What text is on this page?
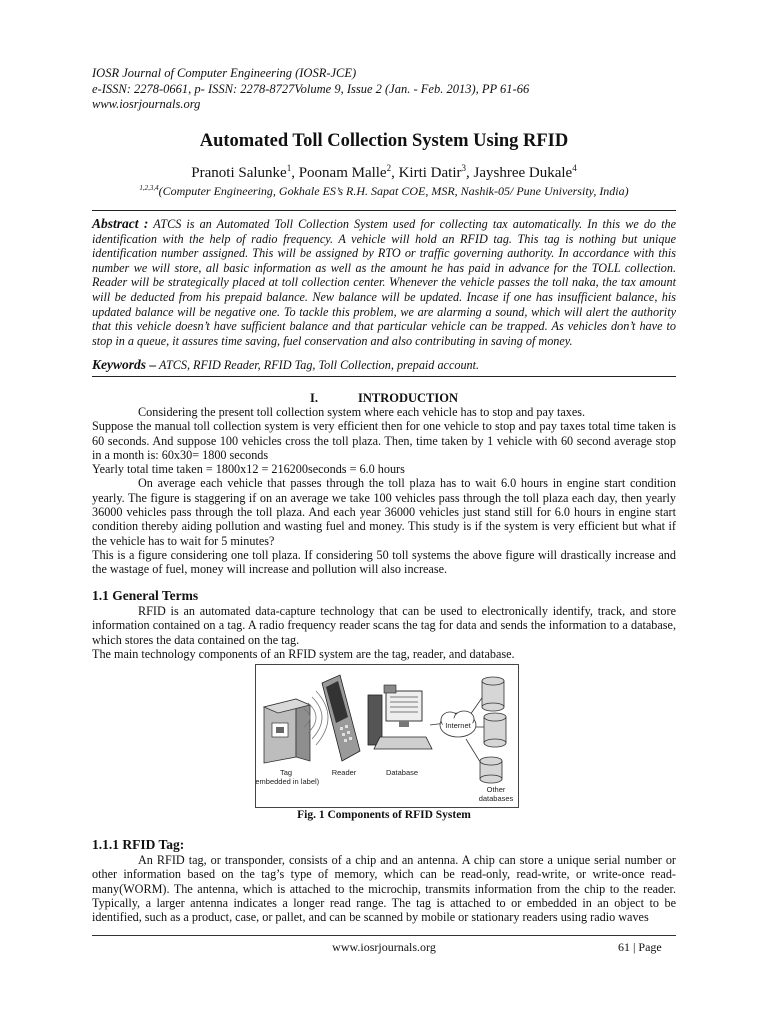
IOSR Journal of Computer Engineering (IOSR-JCE)
e-ISSN: 2278-0661, p- ISSN: 2278-8727Volume 9, Issue 2 (Jan. - Feb. 2013), PP 61-66
www.iosrjournals.org
Automated Toll Collection System Using RFID
Pranoti Salunke$^1$, Poonam Malle$^2$, Kirti Datir$^3$, Jayshree Dukale$^4$
$^{1,2,3,4}$(Computer Engineering, Gokhale ES’s R.H. Sapat COE, MSR, Nashik-05/ Pune University, India)
Abstract : ATCS is an Automated Toll Collection System used for collecting tax automatically. In this we do the identification with the help of radio frequency. A vehicle will hold an RFID tag. This tag is nothing but unique identification number assigned. This will be assigned by RTO or traffic governing authority. In accordance with this number we will store, all basic information as well as the amount he has paid in advance for the TOLL collection. Reader will be strategically placed at toll collection center. Whenever the vehicle passes the toll naka, the tax amount will be deducted from his prepaid balance. New balance will be updated. Incase if one has insufficient balance, his updated balance will be negative one. To tackle this problem, we are alarming a sound, which will alert the authority that this vehicle doesn’t have sufficient balance and that particular vehicle can be trapped. As vehicles don’t have to stop in a queue, it assures time saving, fuel conservation and also contributing in saving of money.
Keywords – ATCS, RFID Reader, RFID Tag, Toll Collection, prepaid account.
I.	INTRODUCTION

Considering the present toll collection system where each vehicle has to stop and pay taxes.

Suppose the manual toll collection system is very efficient then for one vehicle to stop and pay taxes total time taken is 60 seconds. And suppose 100 vehicles cross the toll plaza. Then, time taken by 1 vehicle with 60 second average stop in a month is: 60x30= 1800 seconds

Yearly total time taken = 1800x12 = 216200seconds = 6.0 hours

On average each vehicle that passes through the toll plaza has to wait 6.0 hours in engine start condition yearly. The figure is staggering if on an average we take 100 vehicles pass through the toll plaza each day, then yearly 36000 vehicles pass through the toll plaza. And each year 36000 vehicles just stand still for 6.0 hours in engine start condition thereby aiding pollution and wasting fuel and money. This study is if the system is very efficient but what if the vehicle has to wait for 5 minutes?

This is a figure considering one toll plaza. If considering 50 toll systems the above figure will drastically increase and the wastage of fuel, money will increase and pollution will also increase.

1.1 General Terms

RFID is an automated data-capture technology that can be used to electronically identify, track, and store information contained on a tag. A radio frequency reader scans the tag for data and sends the information to a database, which stores the data contained on the tag.

The main technology components of an RFID system are the tag, reader, and database.

Internet
Tag
(embedded in label)
Reader	Database
Other
databases
Fig. 1 Components of RFID System
1.1.1 RFID Tag:

An RFID tag, or transponder, consists of a chip and an antenna. A chip can store a unique serial number or other information based on the tag’s type of memory, which can be read-only, read-write, or write-once read-many(WORM). The antenna, which is attached to the microchip, transmits information from the chip to the reader. Typically, a larger antenna indicates a longer read range. The tag is attached to or embedded in an object to be identified, such as a product, case, or pallet, and can be scanned by mobile or stationary readers using radio waves

www.iosrjournals.org	61 | Page
